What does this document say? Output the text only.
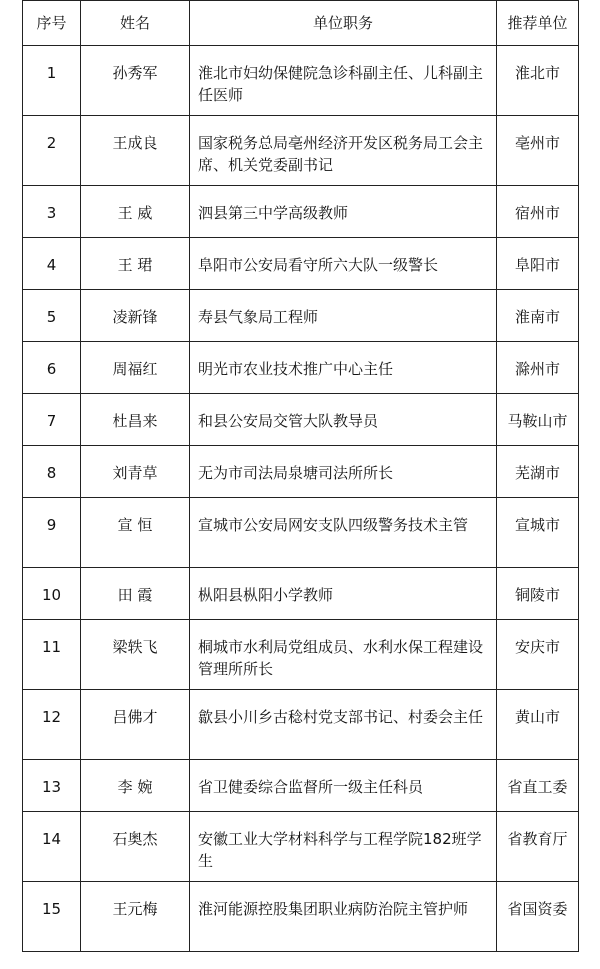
序号	姓名	单位职务	推荐单位
1	孙秀军	淮北市妇幼保健院急诊科副主任、儿科副主任医师	淮北市
2	王成良	国家税务总局亳州经济开发区税务局工会主席、机关党委副书记	亳州市
3	王 威	泗县第三中学高级教师	宿州市
4	王 珺	阜阳市公安局看守所六大队一级警长	阜阳市
5	凌新锋	寿县气象局工程师	淮南市
6	周福红	明光市农业技术推广中心主任	滁州市
7	杜昌来	和县公安局交管大队教导员	马鞍山市
8	刘青草	无为市司法局泉塘司法所所长	芜湖市
9	宣 恒	宣城市公安局网安支队四级警务技术主管	宣城市
10	田 霞	枞阳县枞阳小学教师	铜陵市
11	梁轶飞	桐城市水利局党组成员、水利水保工程建设管理所所长	安庆市
12	吕佛才	歙县小川乡古稔村党支部书记、村委会主任	黄山市
13	李 婉	省卫健委综合监督所一级主任科员	省直工委
14	石奥杰	安徽工业大学材料科学与工程学院182班学生	省教育厅
15	王元梅	淮河能源控股集团职业病防治院主管护师	省国资委
